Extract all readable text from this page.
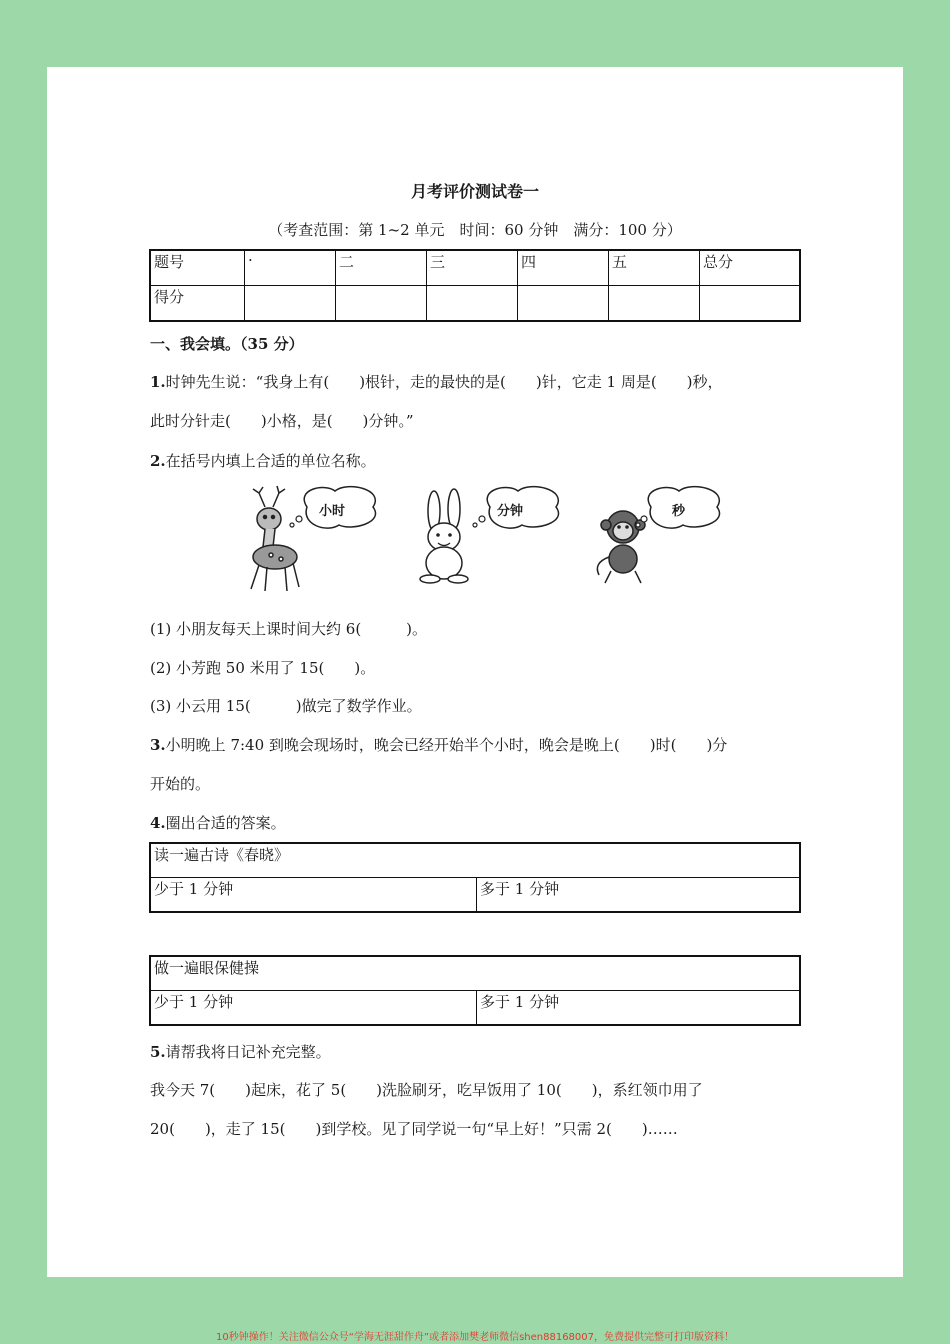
月考评价测试卷一
（考查范围：第 1~2 单元　时间：60 分钟　满分：100 分）
题号	·	二	三	四	五	总分
得分						
一、我会填。（35 分）
1.时钟先生说：“我身上有(　　)根针，走的最快的是(　　)针，它走 1 周是(　　)秒，
此时分针走(　　)小格，是(　　)分钟。”
2.在括号内填上合适的单位名称。
小时	分钟	秒
(1) 小朋友每天上课时间大约 6(　　　)。
(2) 小芳跑 50 米用了 15(　　)。
(3) 小云用 15(　　　)做完了数学作业。
3.小明晚上 7:40 到晚会现场时，晚会已经开始半个小时，晚会是晚上(　　)时(　　)分
开始的。
4.圈出合适的答案。
读一遍古诗《春晓》
少于 1 分钟	多于 1 分钟
做一遍眼保健操
少于 1 分钟	多于 1 分钟
5.请帮我将日记补充完整。
我今天 7(　　)起床，花了 5(　　)洗脸刷牙，吃早饭用了 10(　　)，系红领巾用了
20(　　)，走了 15(　　)到学校。见了同学说一句“早上好！”只需 2(　　)……
10秒钟操作！关注微信公众号“学海无涯甜作舟”或者添加樊老师微信shen88168007，免费提供完整可打印版资料！
